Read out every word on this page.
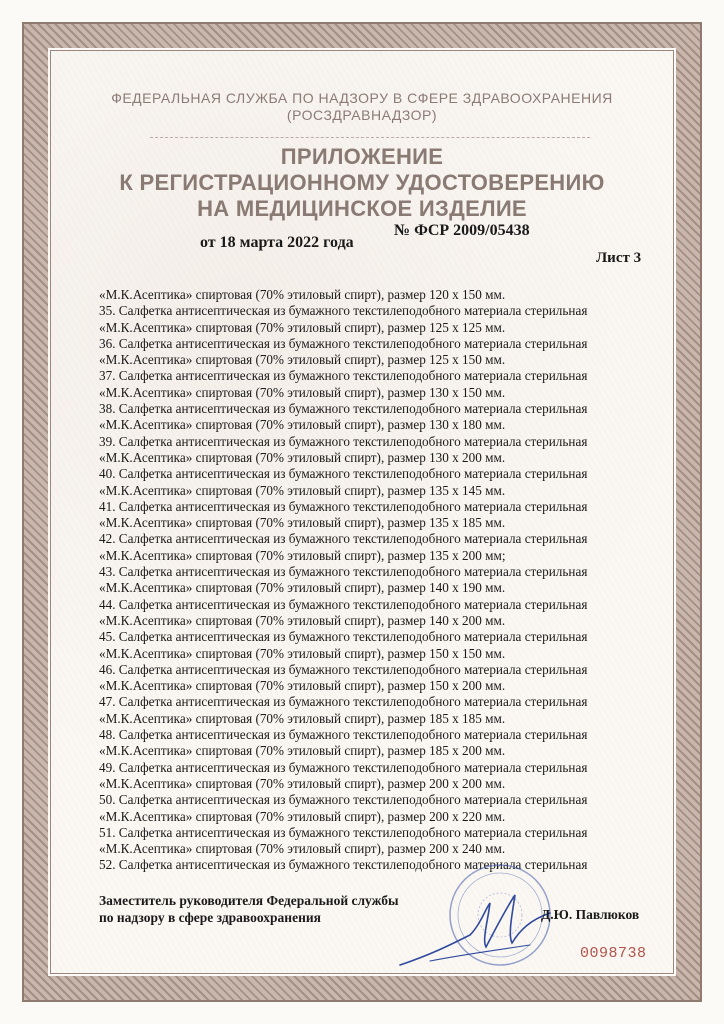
ФЕДЕРАЛЬНАЯ СЛУЖБА ПО НАДЗОРУ В СФЕРЕ ЗДРАВООХРАНЕНИЯ
(РОСЗДРАВНАДЗОР)
ПРИЛОЖЕНИЕ
К РЕГИСТРАЦИОННОМУ УДОСТОВЕРЕНИЮ
НА МЕДИЦИНСКОЕ ИЗДЕЛИЕ
от 18 марта 2022 года
№ ФСР 2009/05438
Лист 3
«М.К.Асептика» спиртовая (70% этиловый спирт), размер 120 х 150 мм.
35. Салфетка антисептическая из бумажного текстилеподобного материала стерильная
«М.К.Асептика» спиртовая (70% этиловый спирт), размер 125 х 125 мм.
36. Салфетка антисептическая из бумажного текстилеподобного материала стерильная
«М.К.Асептика» спиртовая (70% этиловый спирт), размер 125 х 150 мм.
37. Салфетка антисептическая из бумажного текстилеподобного материала стерильная
«М.К.Асептика» спиртовая (70% этиловый спирт), размер 130 х 150 мм.
38. Салфетка антисептическая из бумажного текстилеподобного материала стерильная
«М.К.Асептика» спиртовая (70% этиловый спирт), размер 130 х 180 мм.
39. Салфетка антисептическая из бумажного текстилеподобного материала стерильная
«М.К.Асептика» спиртовая (70% этиловый спирт), размер 130 х 200 мм.
40. Салфетка антисептическая из бумажного текстилеподобного материала стерильная
«М.К.Асептика» спиртовая (70% этиловый спирт), размер 135 х 145 мм.
41. Салфетка антисептическая из бумажного текстилеподобного материала стерильная
«М.К.Асептика» спиртовая (70% этиловый спирт), размер 135 х 185 мм.
42. Салфетка антисептическая из бумажного текстилеподобного материала стерильная
«М.К.Асептика» спиртовая (70% этиловый спирт), размер 135 х 200 мм;
43. Салфетка антисептическая из бумажного текстилеподобного материала стерильная
«М.К.Асептика» спиртовая (70% этиловый спирт), размер 140 х 190 мм.
44. Салфетка антисептическая из бумажного текстилеподобного материала стерильная
«М.К.Асептика» спиртовая (70% этиловый спирт), размер 140 х 200 мм.
45. Салфетка антисептическая из бумажного текстилеподобного материала стерильная
«М.К.Асептика» спиртовая (70% этиловый спирт), размер 150 х 150 мм.
46. Салфетка антисептическая из бумажного текстилеподобного материала стерильная
«М.К.Асептика» спиртовая (70% этиловый спирт), размер 150 х 200 мм.
47. Салфетка антисептическая из бумажного текстилеподобного материала стерильная
«М.К.Асептика» спиртовая (70% этиловый спирт), размер 185 х 185 мм.
48. Салфетка антисептическая из бумажного текстилеподобного материала стерильная
«М.К.Асептика» спиртовая (70% этиловый спирт), размер 185 х 200 мм.
49. Салфетка антисептическая из бумажного текстилеподобного материала стерильная
«М.К.Асептика» спиртовая (70% этиловый спирт), размер 200 х 200 мм.
50. Салфетка антисептическая из бумажного текстилеподобного материала стерильная
«М.К.Асептика» спиртовая (70% этиловый спирт), размер 200 х 220 мм.
51. Салфетка антисептическая из бумажного текстилеподобного материала стерильная
«М.К.Асептика» спиртовая (70% этиловый спирт), размер 200 х 240 мм.
52. Салфетка антисептическая из бумажного текстилеподобного материала стерильная
Заместитель руководителя Федеральной службы
по надзору в сфере здравоохранения	Д.Ю. Павлюков
0098738
